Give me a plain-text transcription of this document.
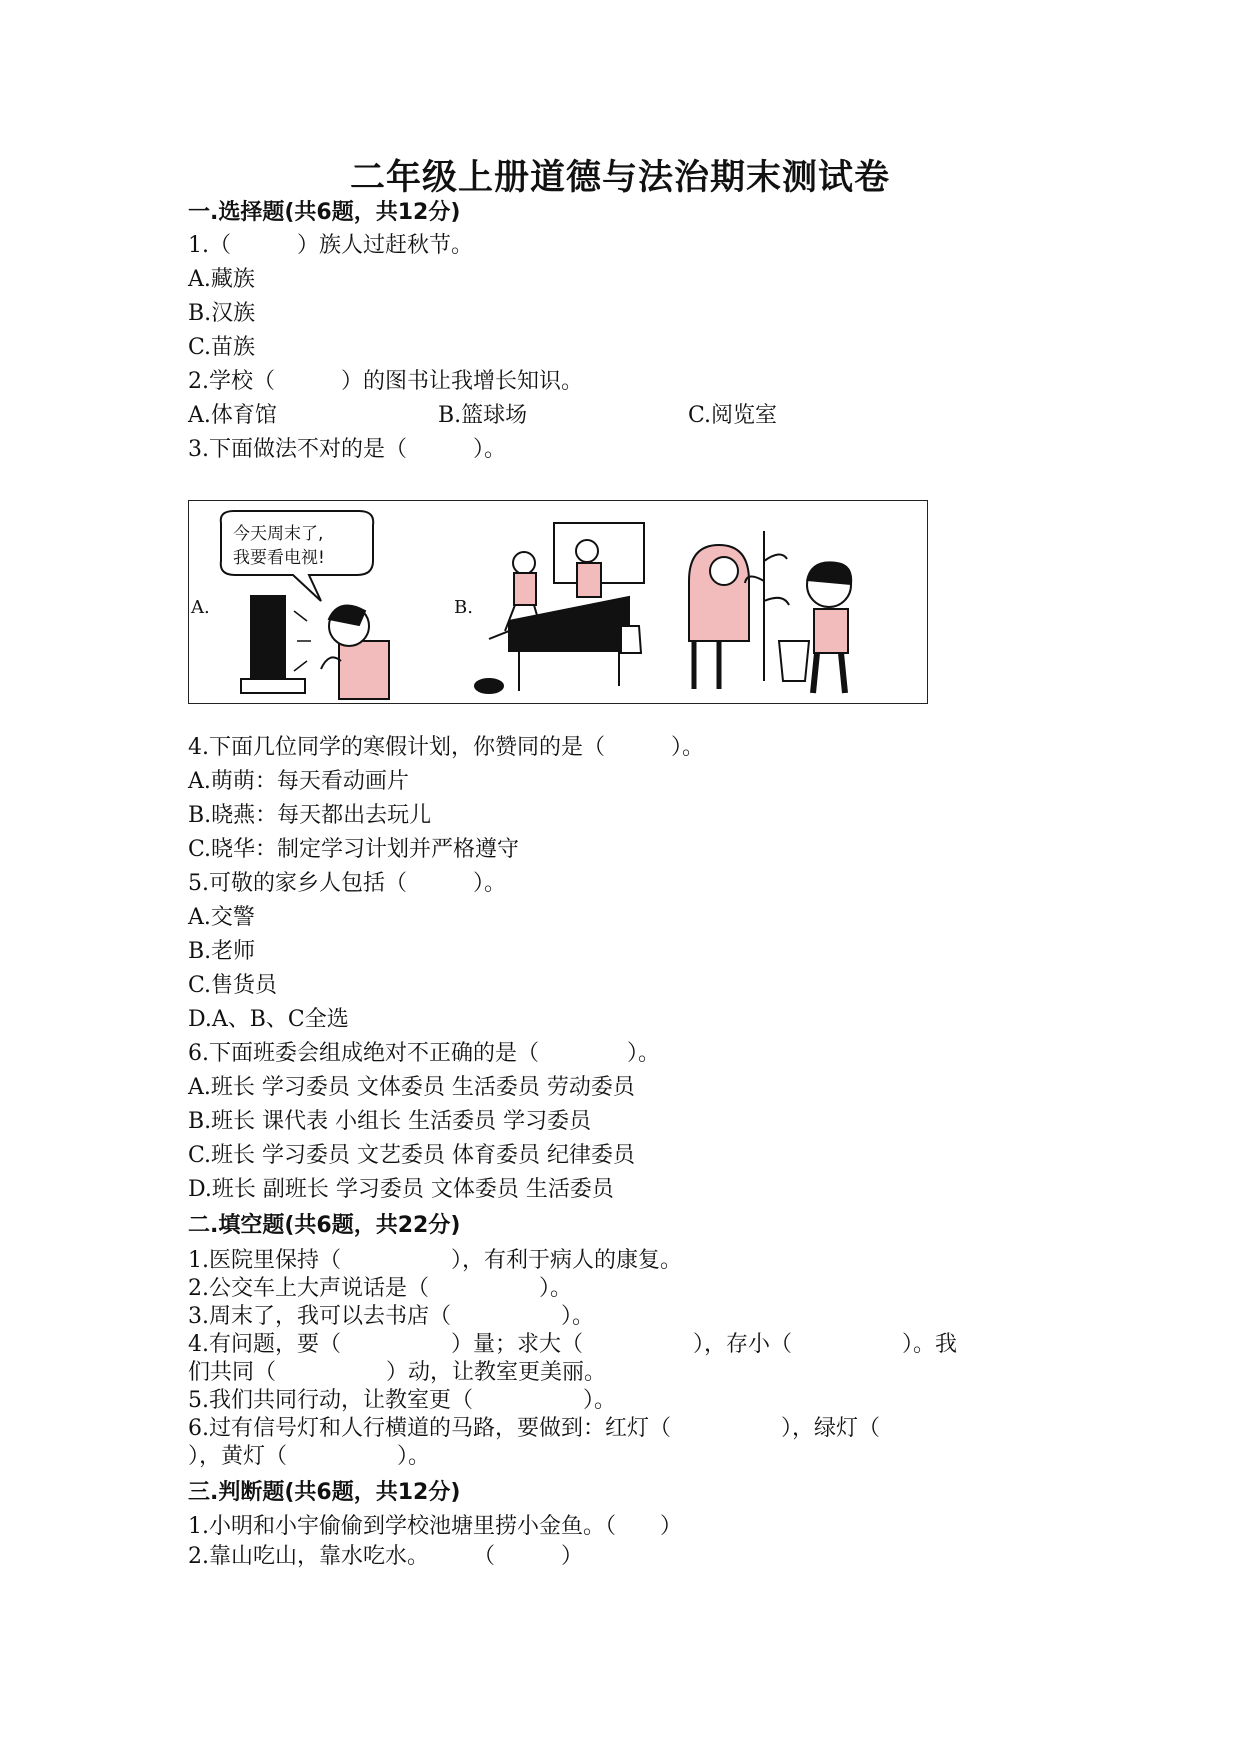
二年级上册道德与法治期末测试卷
一.选择题(共6题，共12分)
1.（　　　）族人过赶秋节。
A.藏族
B.汉族
C.苗族
2.学校（　　　）的图书让我增长知识。
A.体育馆	B.篮球场	C.阅览室
3.下面做法不对的是（　　　）。
A.
今天周末了,
我要看电视!
B.
4.下面几位同学的寒假计划，你赞同的是（　　　）。
A.萌萌：每天看动画片
B.晓燕：每天都出去玩儿
C.晓华：制定学习计划并严格遵守
5.可敬的家乡人包括（　　　）。
A.交警
B.老师
C.售货员
D.A、B、C全选
6.下面班委会组成绝对不正确的是（　　　　）。
A.班长 学习委员 文体委员 生活委员 劳动委员
B.班长 课代表 小组长 生活委员 学习委员
C.班长 学习委员 文艺委员 体育委员 纪律委员
D.班长 副班长 学习委员 文体委员 生活委员
二.填空题(共6题，共22分)
1.医院里保持（　　　　　），有利于病人的康复。
2.公交车上大声说话是（　　　　　）。
3.周末了，我可以去书店（　　　　　）。
4.有问题，要（　　　　　）量；求大（　　　　　），存小（　　　　　）。我
们共同（　　　　　）动，让教室更美丽。
5.我们共同行动，让教室更（　　　　　）。
6.过有信号灯和人行横道的马路，要做到：红灯（　　　　　），绿灯（
），黄灯（　　　　　）。
三.判断题(共6题，共12分)
1.小明和小宇偷偷到学校池塘里捞小金鱼。（　　）
2.靠山吃山，靠水吃水。　　　（　　　）
